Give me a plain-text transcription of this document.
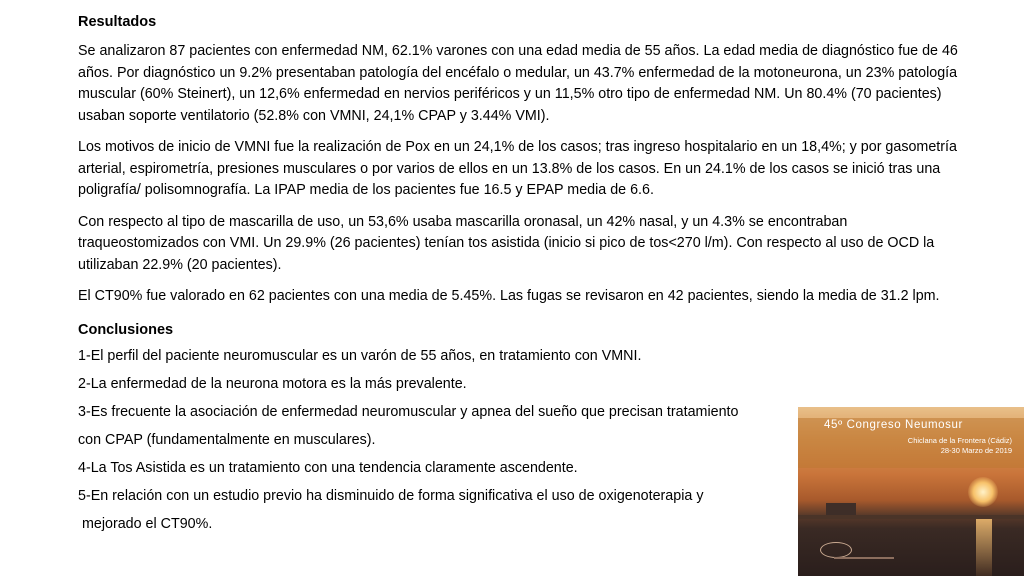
Resultados

Se analizaron 87 pacientes con enfermedad NM, 62.1% varones con una edad media de 55 años. La edad media de diagnóstico fue de 46 años. Por diagnóstico un 9.2% presentaban patología del encéfalo o medular, un 43.7% enfermedad de la motoneurona, un 23% patología muscular (60% Steinert), un 12,6% enfermedad en nervios periféricos y un 11,5% otro tipo de enfermedad NM. Un 80.4% (70 pacientes) usaban soporte ventilatorio (52.8% con VMNI, 24,1% CPAP y 3.44% VMI).

Los motivos de inicio de VMNI fue la realización de Pox en un 24,1% de los casos; tras ingreso hospitalario en un 18,4%; y por gasometría arterial, espirometría, presiones musculares o por varios de ellos en un 13.8% de los casos. En un 24.1% de los casos se inició tras una poligrafía/ polisomnografía. La IPAP media de los pacientes fue 16.5 y EPAP media de 6.6.

Con respecto al tipo de mascarilla de uso, un 53,6% usaba mascarilla oronasal, un 42% nasal, y un 4.3% se encontraban traqueostomizados con VMI. Un 29.9% (26 pacientes) tenían tos asistida (inicio si pico de tos<270 l/m). Con respecto al uso de OCD la utilizaban 22.9% (20 pacientes).

El CT90% fue valorado en 62 pacientes con una media de 5.45%. Las fugas se revisaron en 42 pacientes, siendo la media de 31.2 lpm.

Conclusiones
1-El perfil del paciente neuromuscular es un varón de 55 años, en tratamiento con VMNI.
2-La enfermedad de la neurona motora es la más prevalente.
3-Es frecuente la asociación de enfermedad neuromuscular y apnea del sueño que precisan tratamiento
con CPAP (fundamentalmente en musculares).
4-La Tos Asistida es un tratamiento con una tendencia claramente ascendente.
5-En relación con un estudio previo ha disminuido de forma significativa el uso de oxigenoterapia y
mejorado el CT90%.
45º Congreso Neumosur
Chiclana de la Frontera (Cádiz)
28-30 Marzo de 2019
